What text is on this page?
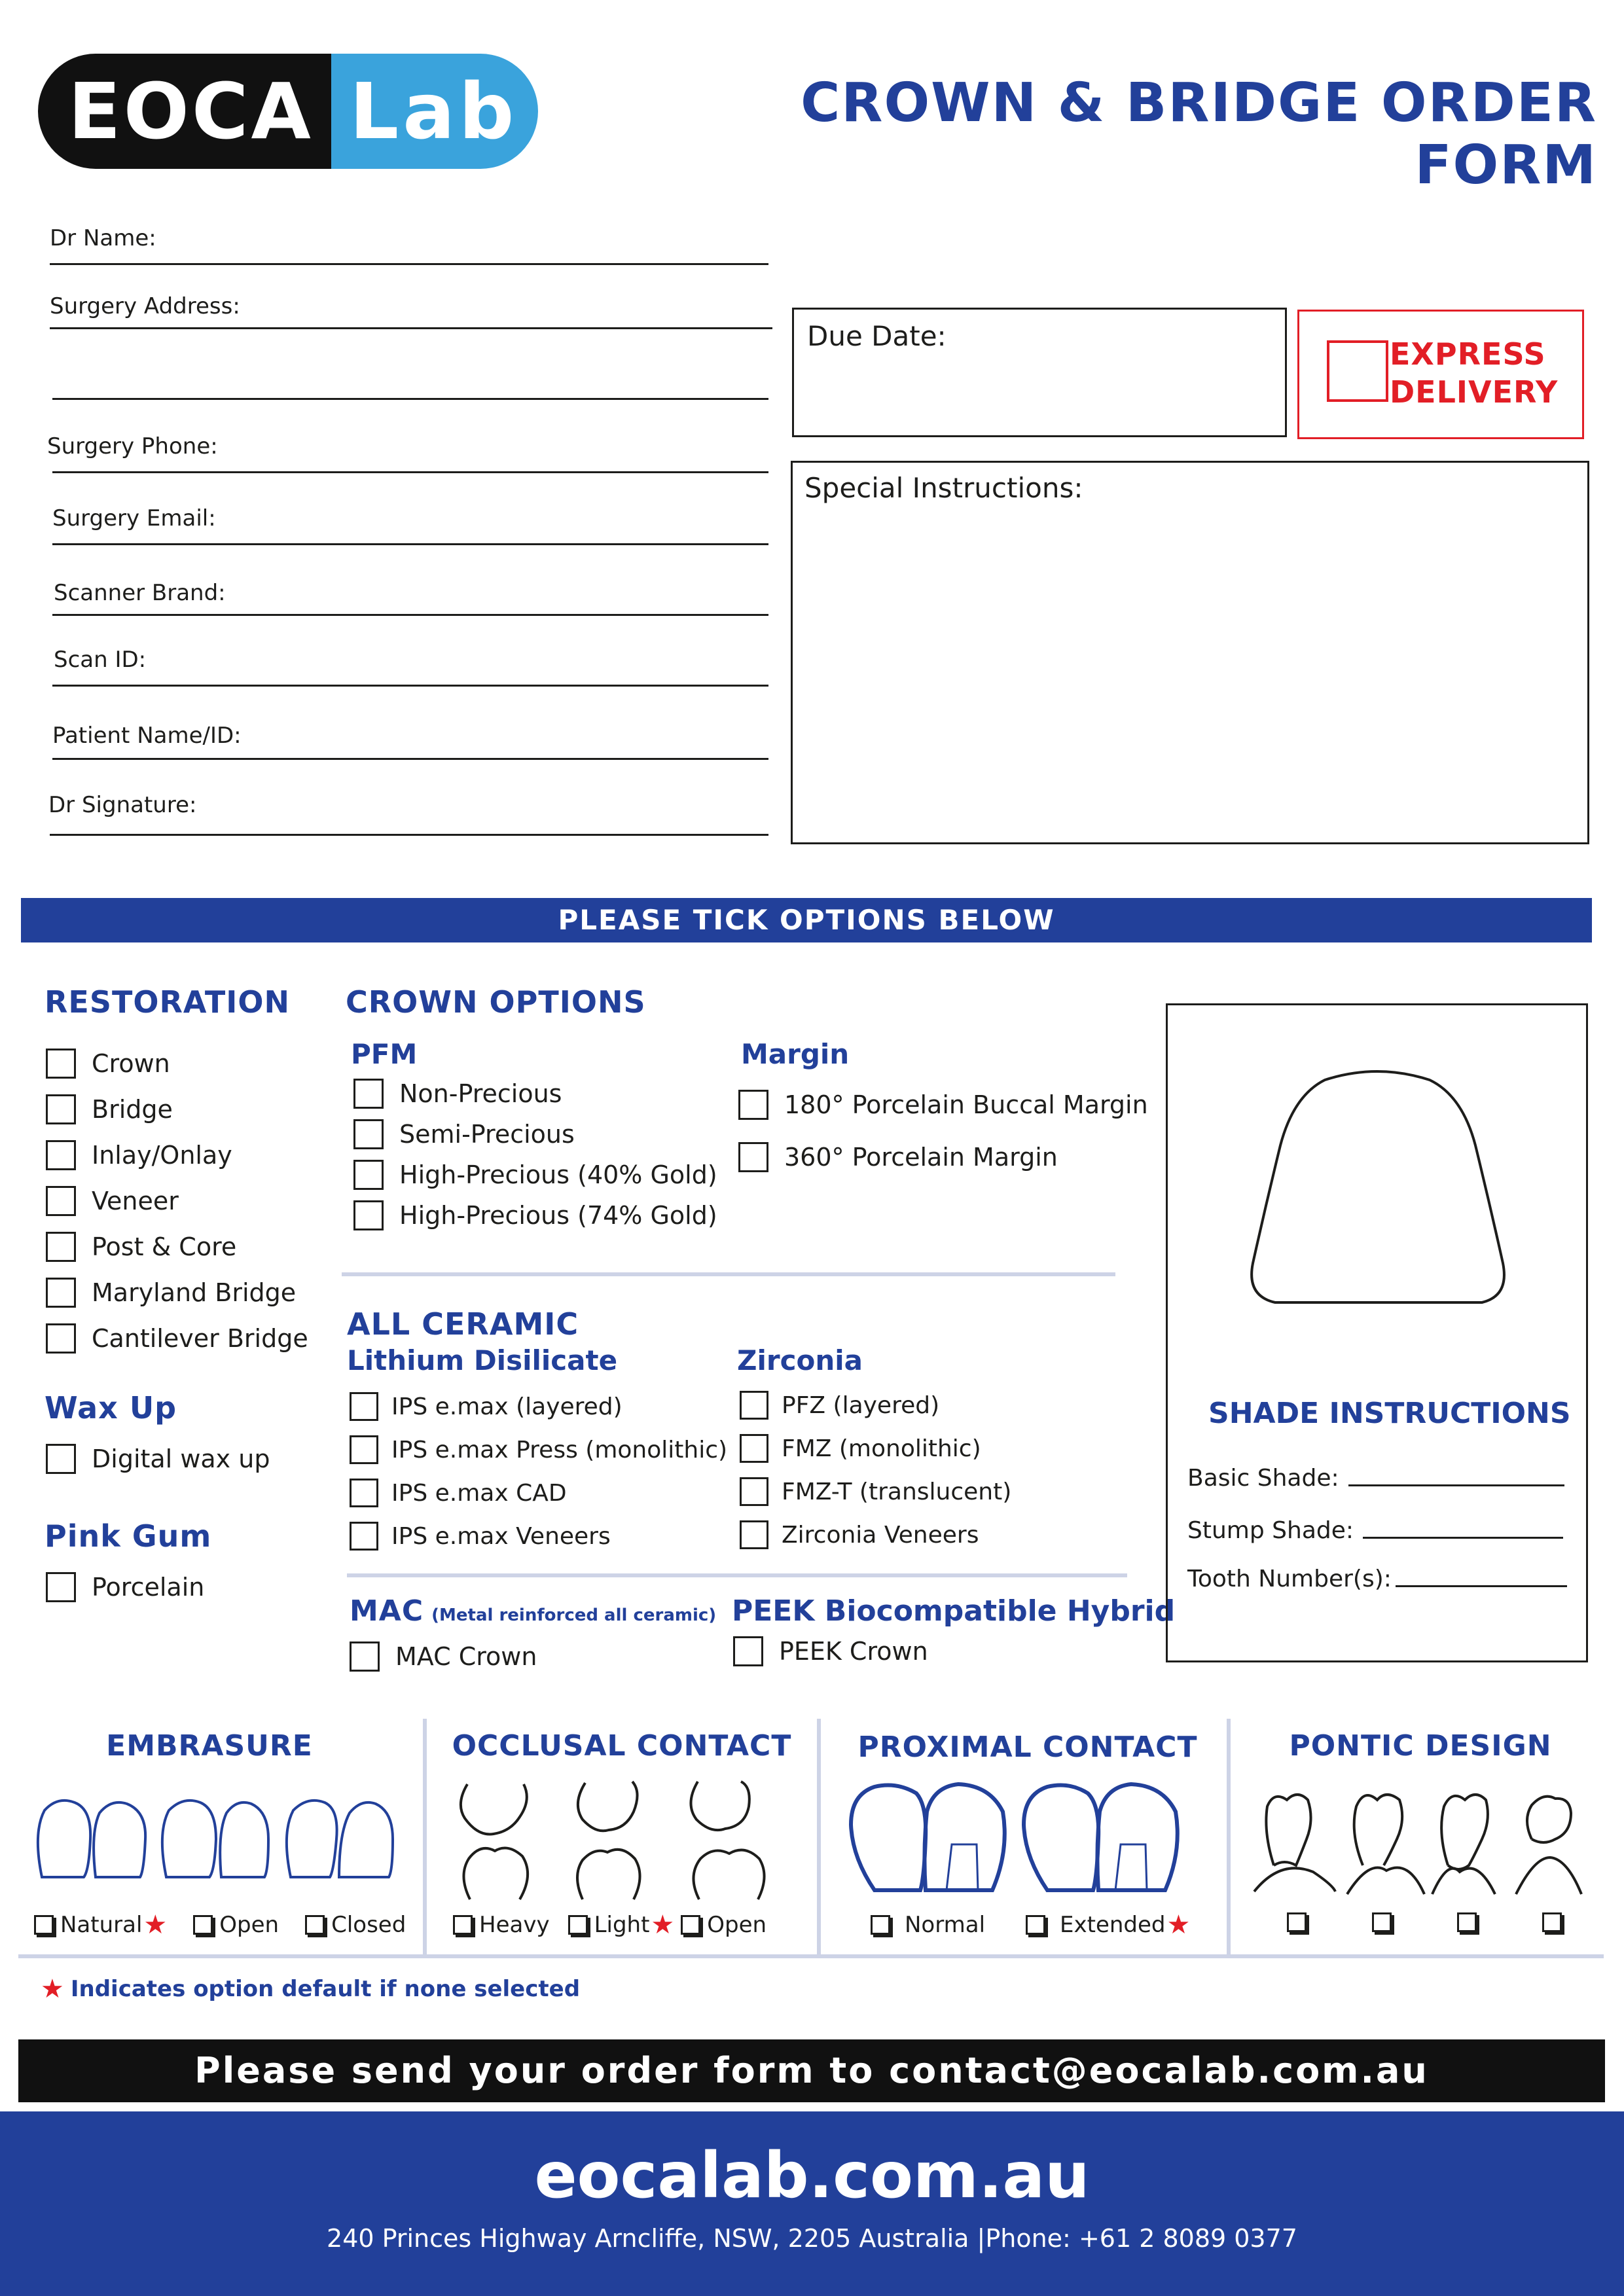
EOCA Lab	CROWN & BRIDGE ORDER FORM
Dr Name:
Surgery Address:
Surgery Phone:
Surgery Email:
Scanner Brand:
Scan ID:
Patient Name/ID:
Dr Signature:
Due Date:
EXPRESS
DELIVERY
Special Instructions:
PLEASE TICK OPTIONS BELOW
RESTORATION
Crown
Bridge
Inlay/Onlay
Veneer
Post & Core
Maryland Bridge
Cantilever Bridge
Wax Up
Digital wax up
Pink Gum
Porcelain
CROWN OPTIONS
PFM
Non-Precious
Semi-Precious
High-Precious (40% Gold)
High-Precious (74% Gold)
Margin
180° Porcelain Buccal Margin
360° Porcelain Margin
ALL CERAMIC
Lithium Disilicate
IPS e.max (layered)
IPS e.max Press (monolithic)
IPS e.max CAD
IPS e.max Veneers
Zirconia
PFZ (layered)
FMZ (monolithic)
FMZ-T (translucent)
Zirconia Veneers
MAC (Metal reinforced all ceramic)
MAC Crown
PEEK Biocompatible Hybrid
PEEK Crown
SHADE INSTRUCTIONS
Basic Shade:
Stump Shade:
Tooth Number(s):
EMBRASURE
Natural ★ Open Closed
OCCLUSAL CONTACT
Heavy Light ★ Open
PROXIMAL CONTACT
Normal	Extended ★
PONTIC DESIGN
★ Indicates option default if none selected
Please send your order form to contact@eocalab.com.au
eocalab.com.au
240 Princes Highway Arncliffe, NSW, 2205 Australia |Phone: +61 2 8089 0377
